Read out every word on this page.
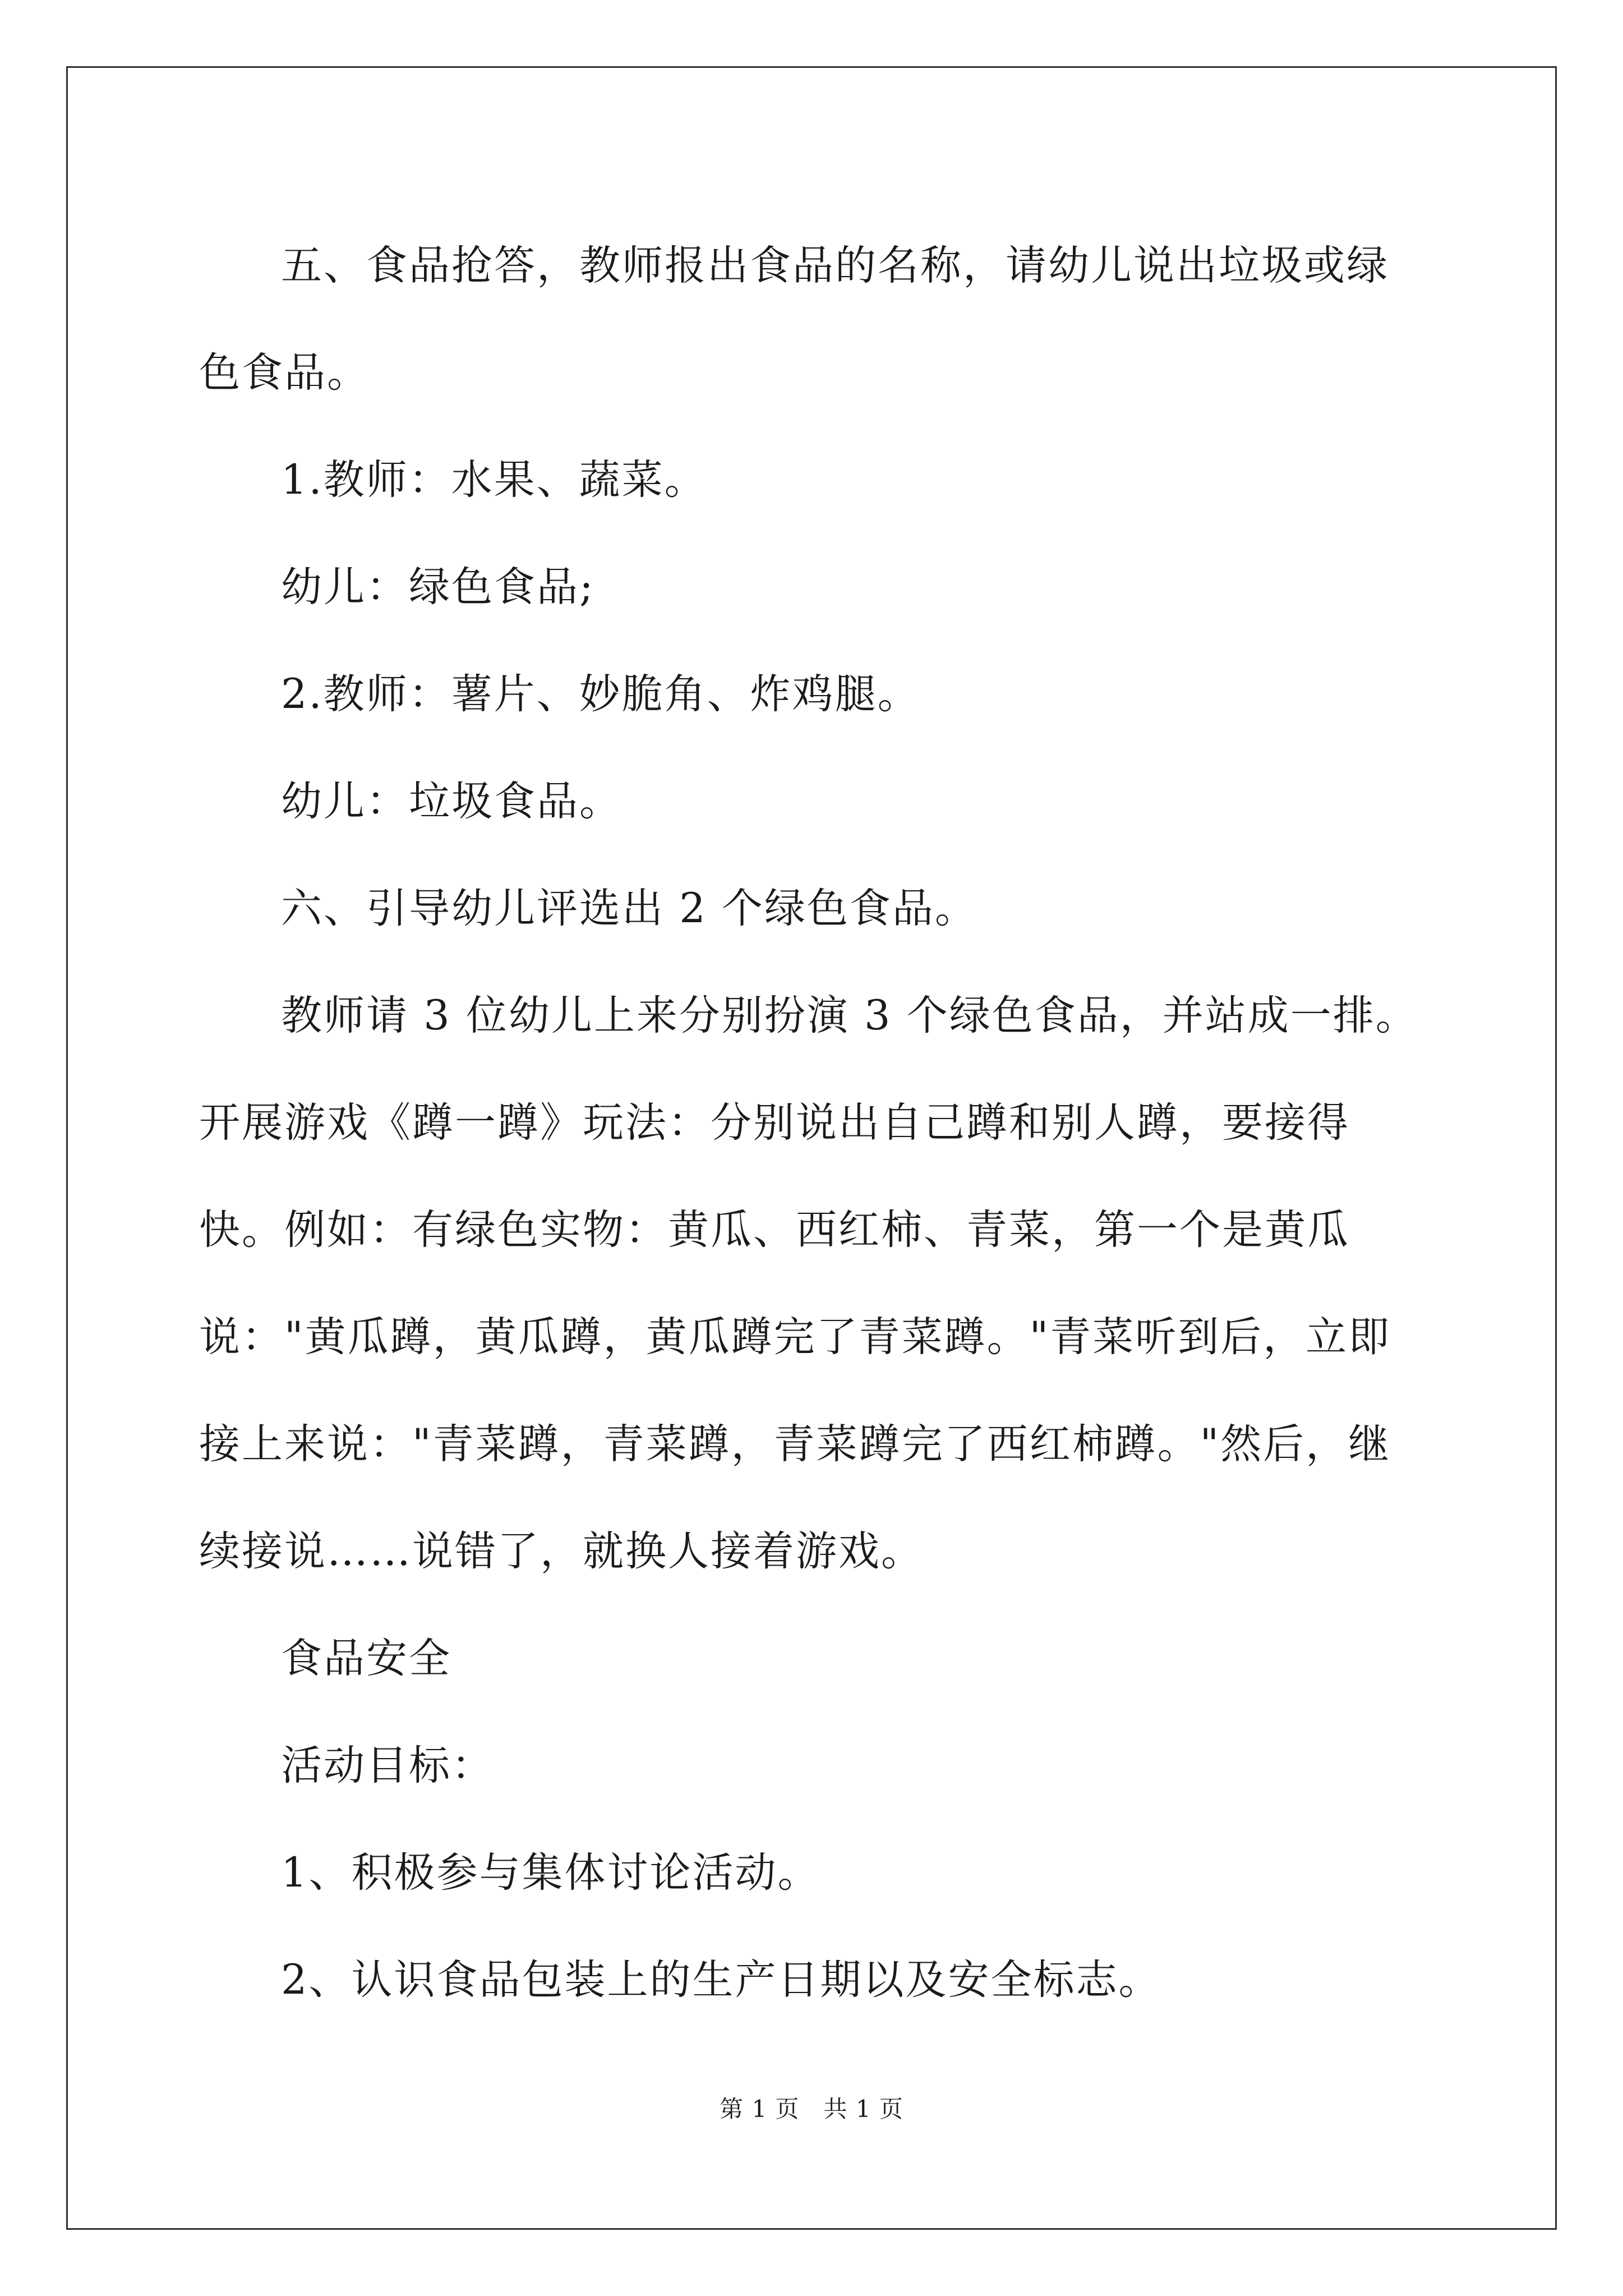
五、食品抢答，教师报出食品的名称，请幼儿说出垃圾或绿色食品。

1.教师：水果、蔬菜。

幼儿：绿色食品;

2.教师：薯片、妙脆角、炸鸡腿。

幼儿：垃圾食品。

六、引导幼儿评选出 2 个绿色食品。

教师请 3 位幼儿上来分别扮演 3 个绿色食品，并站成一排。开展游戏《蹲一蹲》玩法：分别说出自己蹲和别人蹲，要接得快。例如：有绿色实物：黄瓜、西红柿、青菜，第一个是黄瓜说："黄瓜蹲，黄瓜蹲，黄瓜蹲完了青菜蹲。"青菜听到后，立即接上来说："青菜蹲，青菜蹲，青菜蹲完了西红柿蹲。"然后，继续接说……说错了，就换人接着游戏。

食品安全

活动目标：

1、积极参与集体讨论活动。

2、认识食品包装上的生产日期以及安全标志。

第 1 页　共 1 页
